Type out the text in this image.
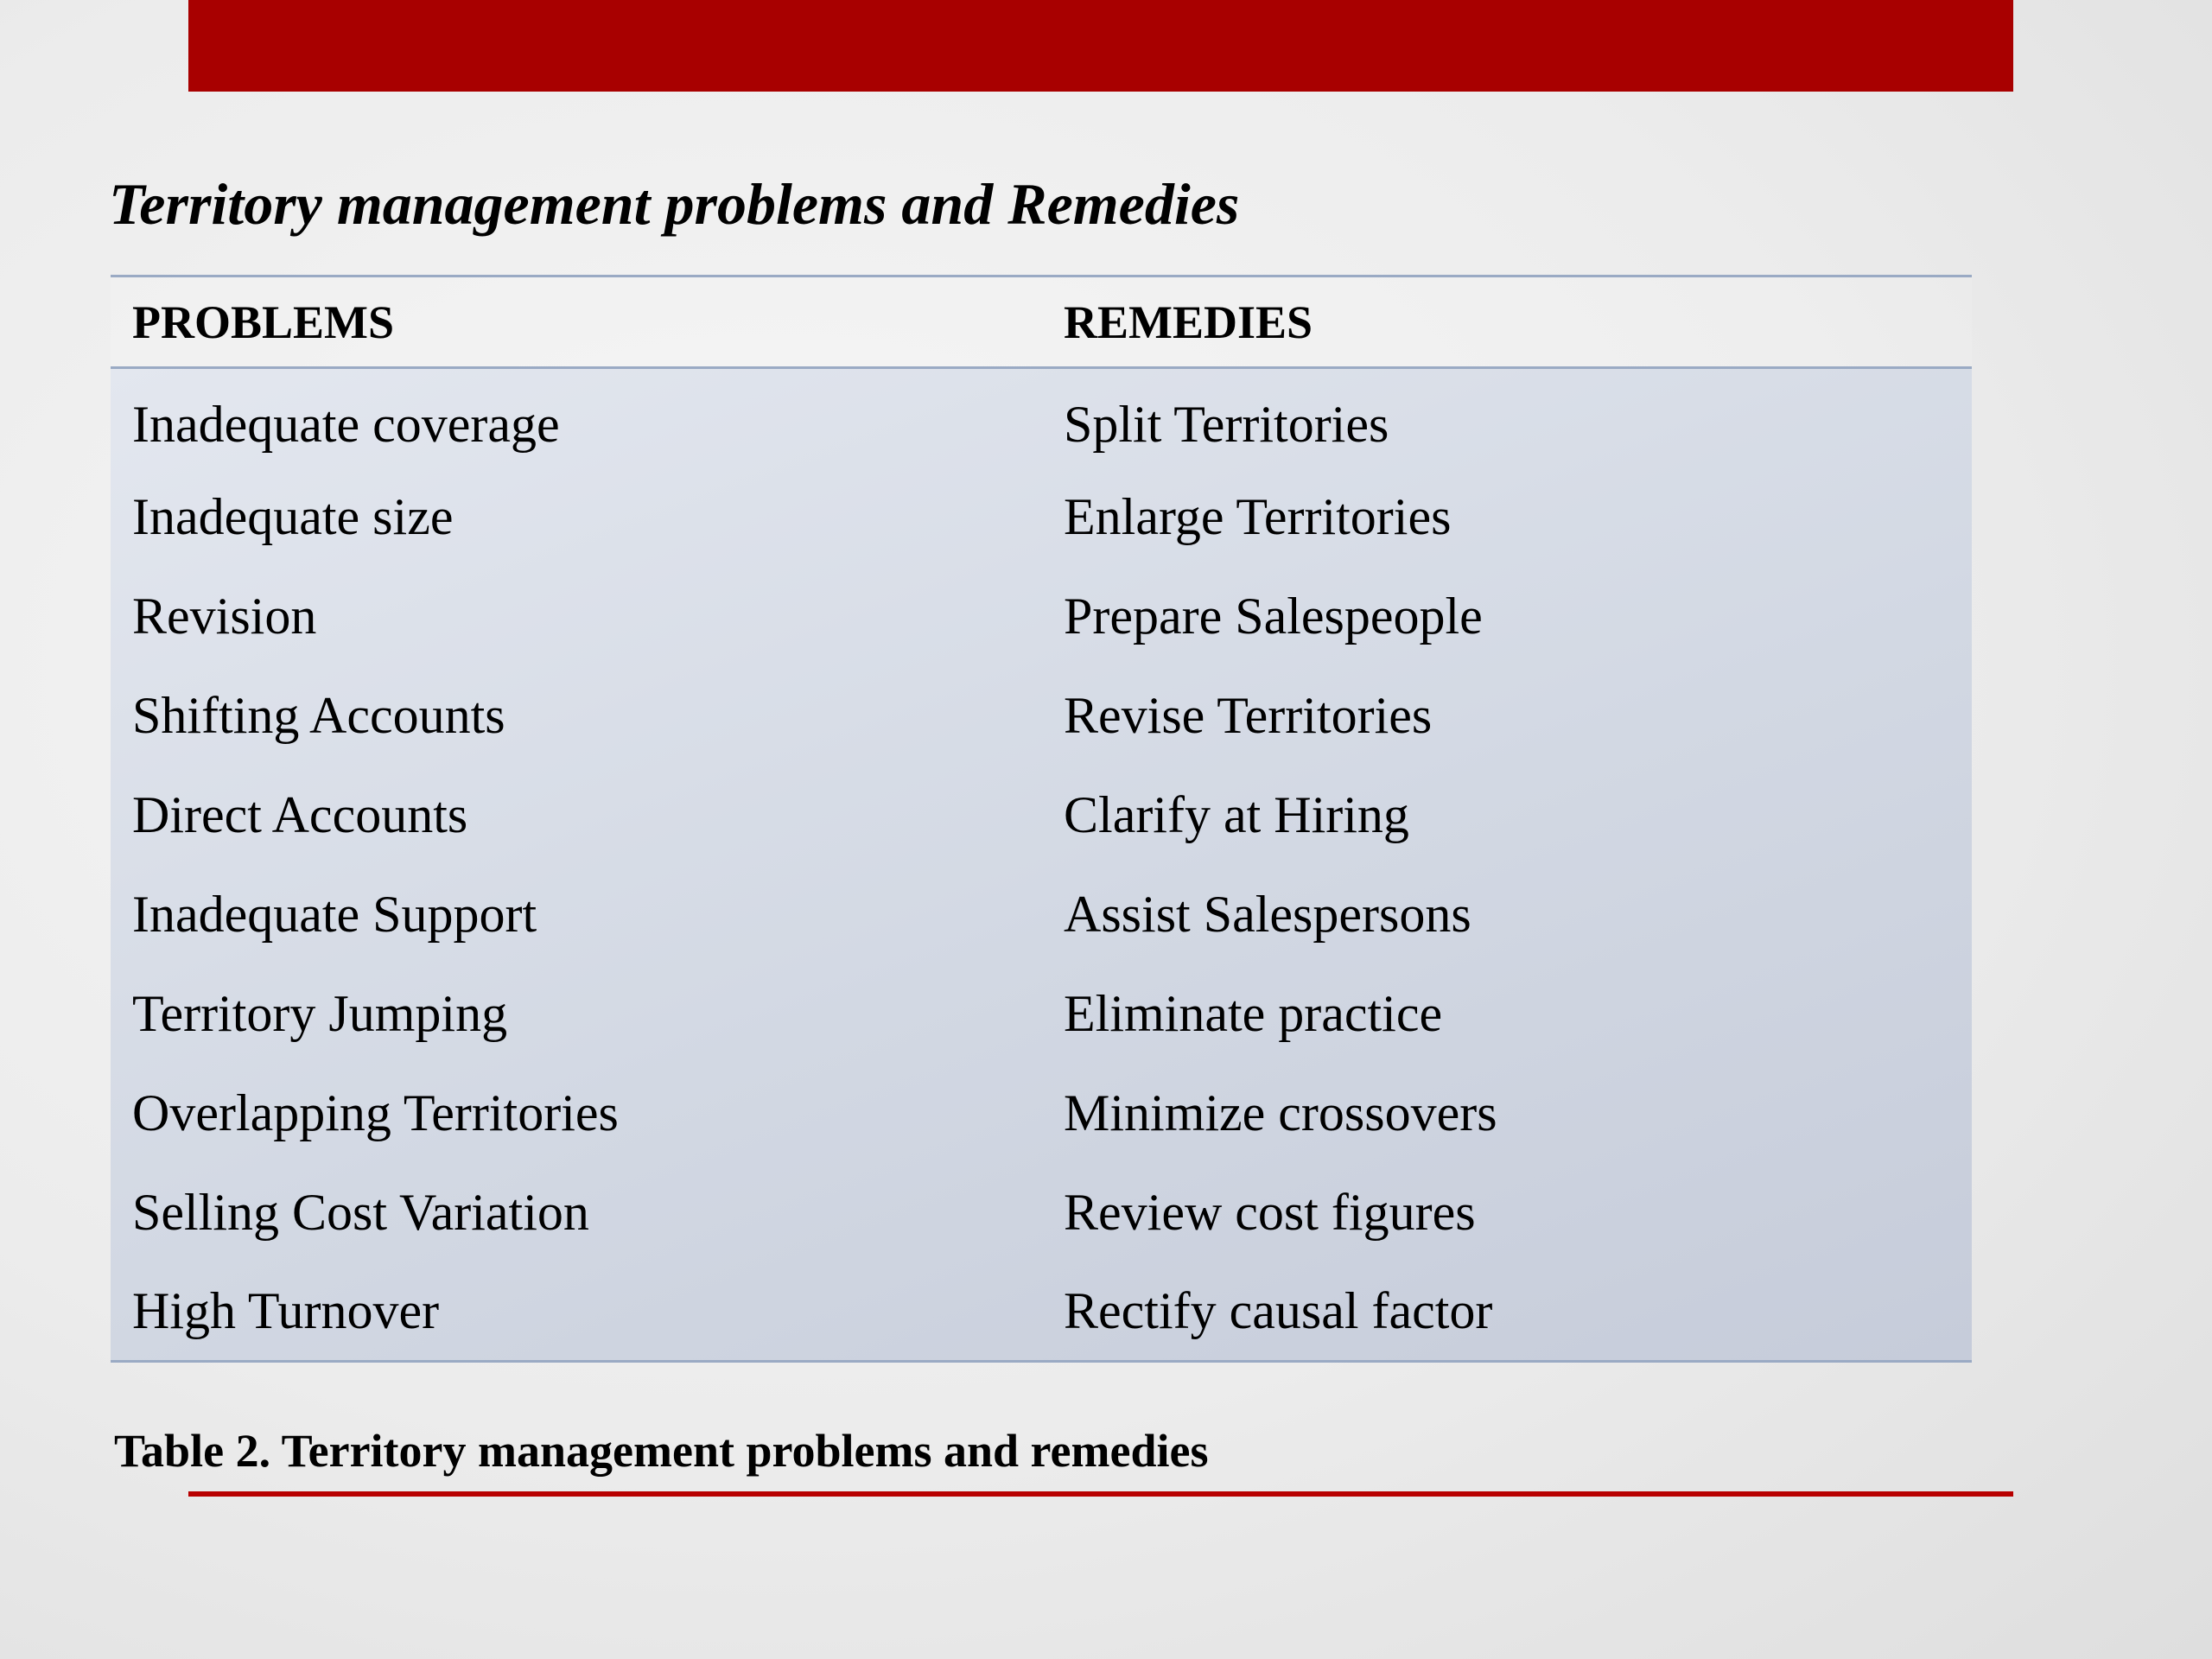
Territory management problems and Remedies
PROBLEMS	REMEDIES
Inadequate coverage	Split Territories
Inadequate size	Enlarge Territories
Revision	Prepare Salespeople
Shifting Accounts	Revise Territories
Direct Accounts	Clarify at Hiring
Inadequate Support	Assist Salespersons
Territory Jumping	Eliminate practice
Overlapping Territories	Minimize crossovers
Selling Cost Variation	Review cost figures
High Turnover	Rectify causal factor

Table 2. Territory management problems and remedies
